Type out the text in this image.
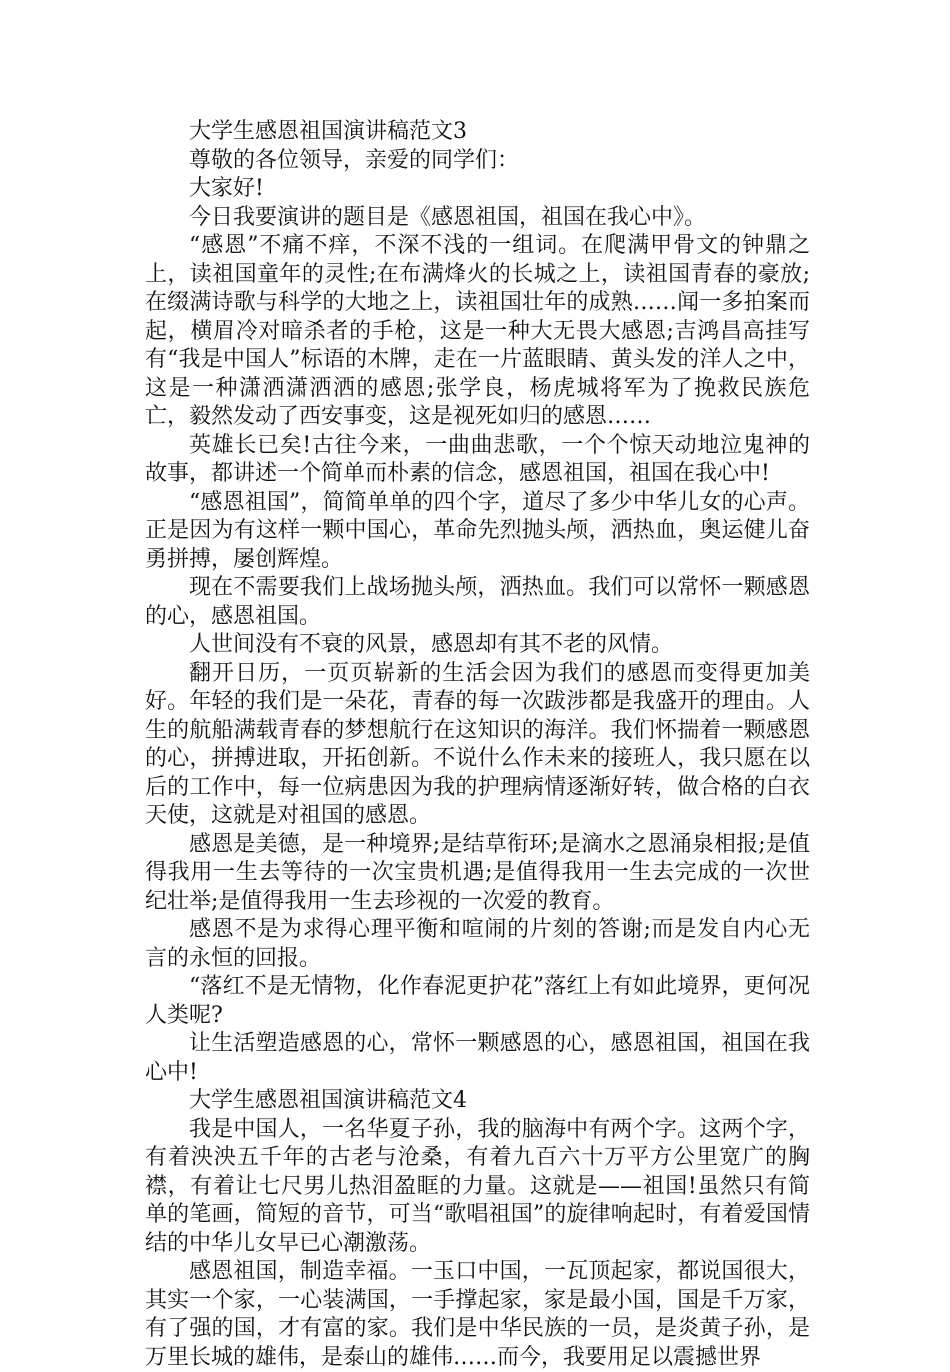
大学生感恩祖国演讲稿范文3

尊敬的各位领导，亲爱的同学们：

大家好!

今日我要演讲的题目是《感恩祖国，祖国在我心中》。

“感恩”不痛不痒，不深不浅的一组词。在爬满甲骨文的钟鼎之上，读祖国童年的灵性;在布满烽火的长城之上，读祖国青春的豪放;在缀满诗歌与科学的大地之上，读祖国壮年的成熟……闻一多拍案而起，横眉冷对暗杀者的手枪，这是一种大无畏大感恩;吉鸿昌高挂写有“我是中国人”标语的木牌，走在一片蓝眼睛、黄头发的洋人之中，这是一种潇洒潇洒洒的感恩;张学良，杨虎城将军为了挽救民族危亡，毅然发动了西安事变，这是视死如归的感恩……

英雄长已矣!古往今来，一曲曲悲歌，一个个惊天动地泣鬼神的故事，都讲述一个简单而朴素的信念，感恩祖国，祖国在我心中!

“感恩祖国”，简简单单的四个字，道尽了多少中华儿女的心声。正是因为有这样一颗中国心，革命先烈抛头颅，洒热血，奥运健儿奋勇拼搏，屡创辉煌。

现在不需要我们上战场抛头颅，洒热血。我们可以常怀一颗感恩的心，感恩祖国。

人世间没有不衰的风景，感恩却有其不老的风情。

翻开日历，一页页崭新的生活会因为我们的感恩而变得更加美好。年轻的我们是一朵花，青春的每一次跋涉都是我盛开的理由。人生的航船满载青春的梦想航行在这知识的海洋。我们怀揣着一颗感恩的心，拼搏进取，开拓创新。不说什么作未来的接班人，我只愿在以后的工作中，每一位病患因为我的护理病情逐渐好转，做合格的白衣天使，这就是对祖国的感恩。

感恩是美德，是一种境界;是结草衔环;是滴水之恩涌泉相报;是值得我用一生去等待的一次宝贵机遇;是值得我用一生去完成的一次世纪壮举;是值得我用一生去珍视的一次爱的教育。

感恩不是为求得心理平衡和喧闹的片刻的答谢;而是发自内心无言的永恒的回报。

“落红不是无情物，化作春泥更护花”落红上有如此境界，更何况人类呢?

让生活塑造感恩的心，常怀一颗感恩的心，感恩祖国，祖国在我心中!

大学生感恩祖国演讲稿范文4

我是中国人，一名华夏子孙，我的脑海中有两个字。这两个字，有着泱泱五千年的古老与沧桑，有着九百六十万平方公里宽广的胸襟，有着让七尺男儿热泪盈眶的力量。这就是——祖国!虽然只有简单的笔画，简短的音节，可当“歌唱祖国”的旋律响起时，有着爱国情结的中华儿女早已心潮激荡。

感恩祖国，制造幸福。一玉口中国，一瓦顶起家，都说国很大，其实一个家，一心装满国，一手撑起家，家是最小国，国是千万家，有了强的国，才有富的家。我们是中华民族的一员，是炎黄子孙，是万里长城的雄伟，是泰山的雄伟……而今，我要用足以震撼世界
